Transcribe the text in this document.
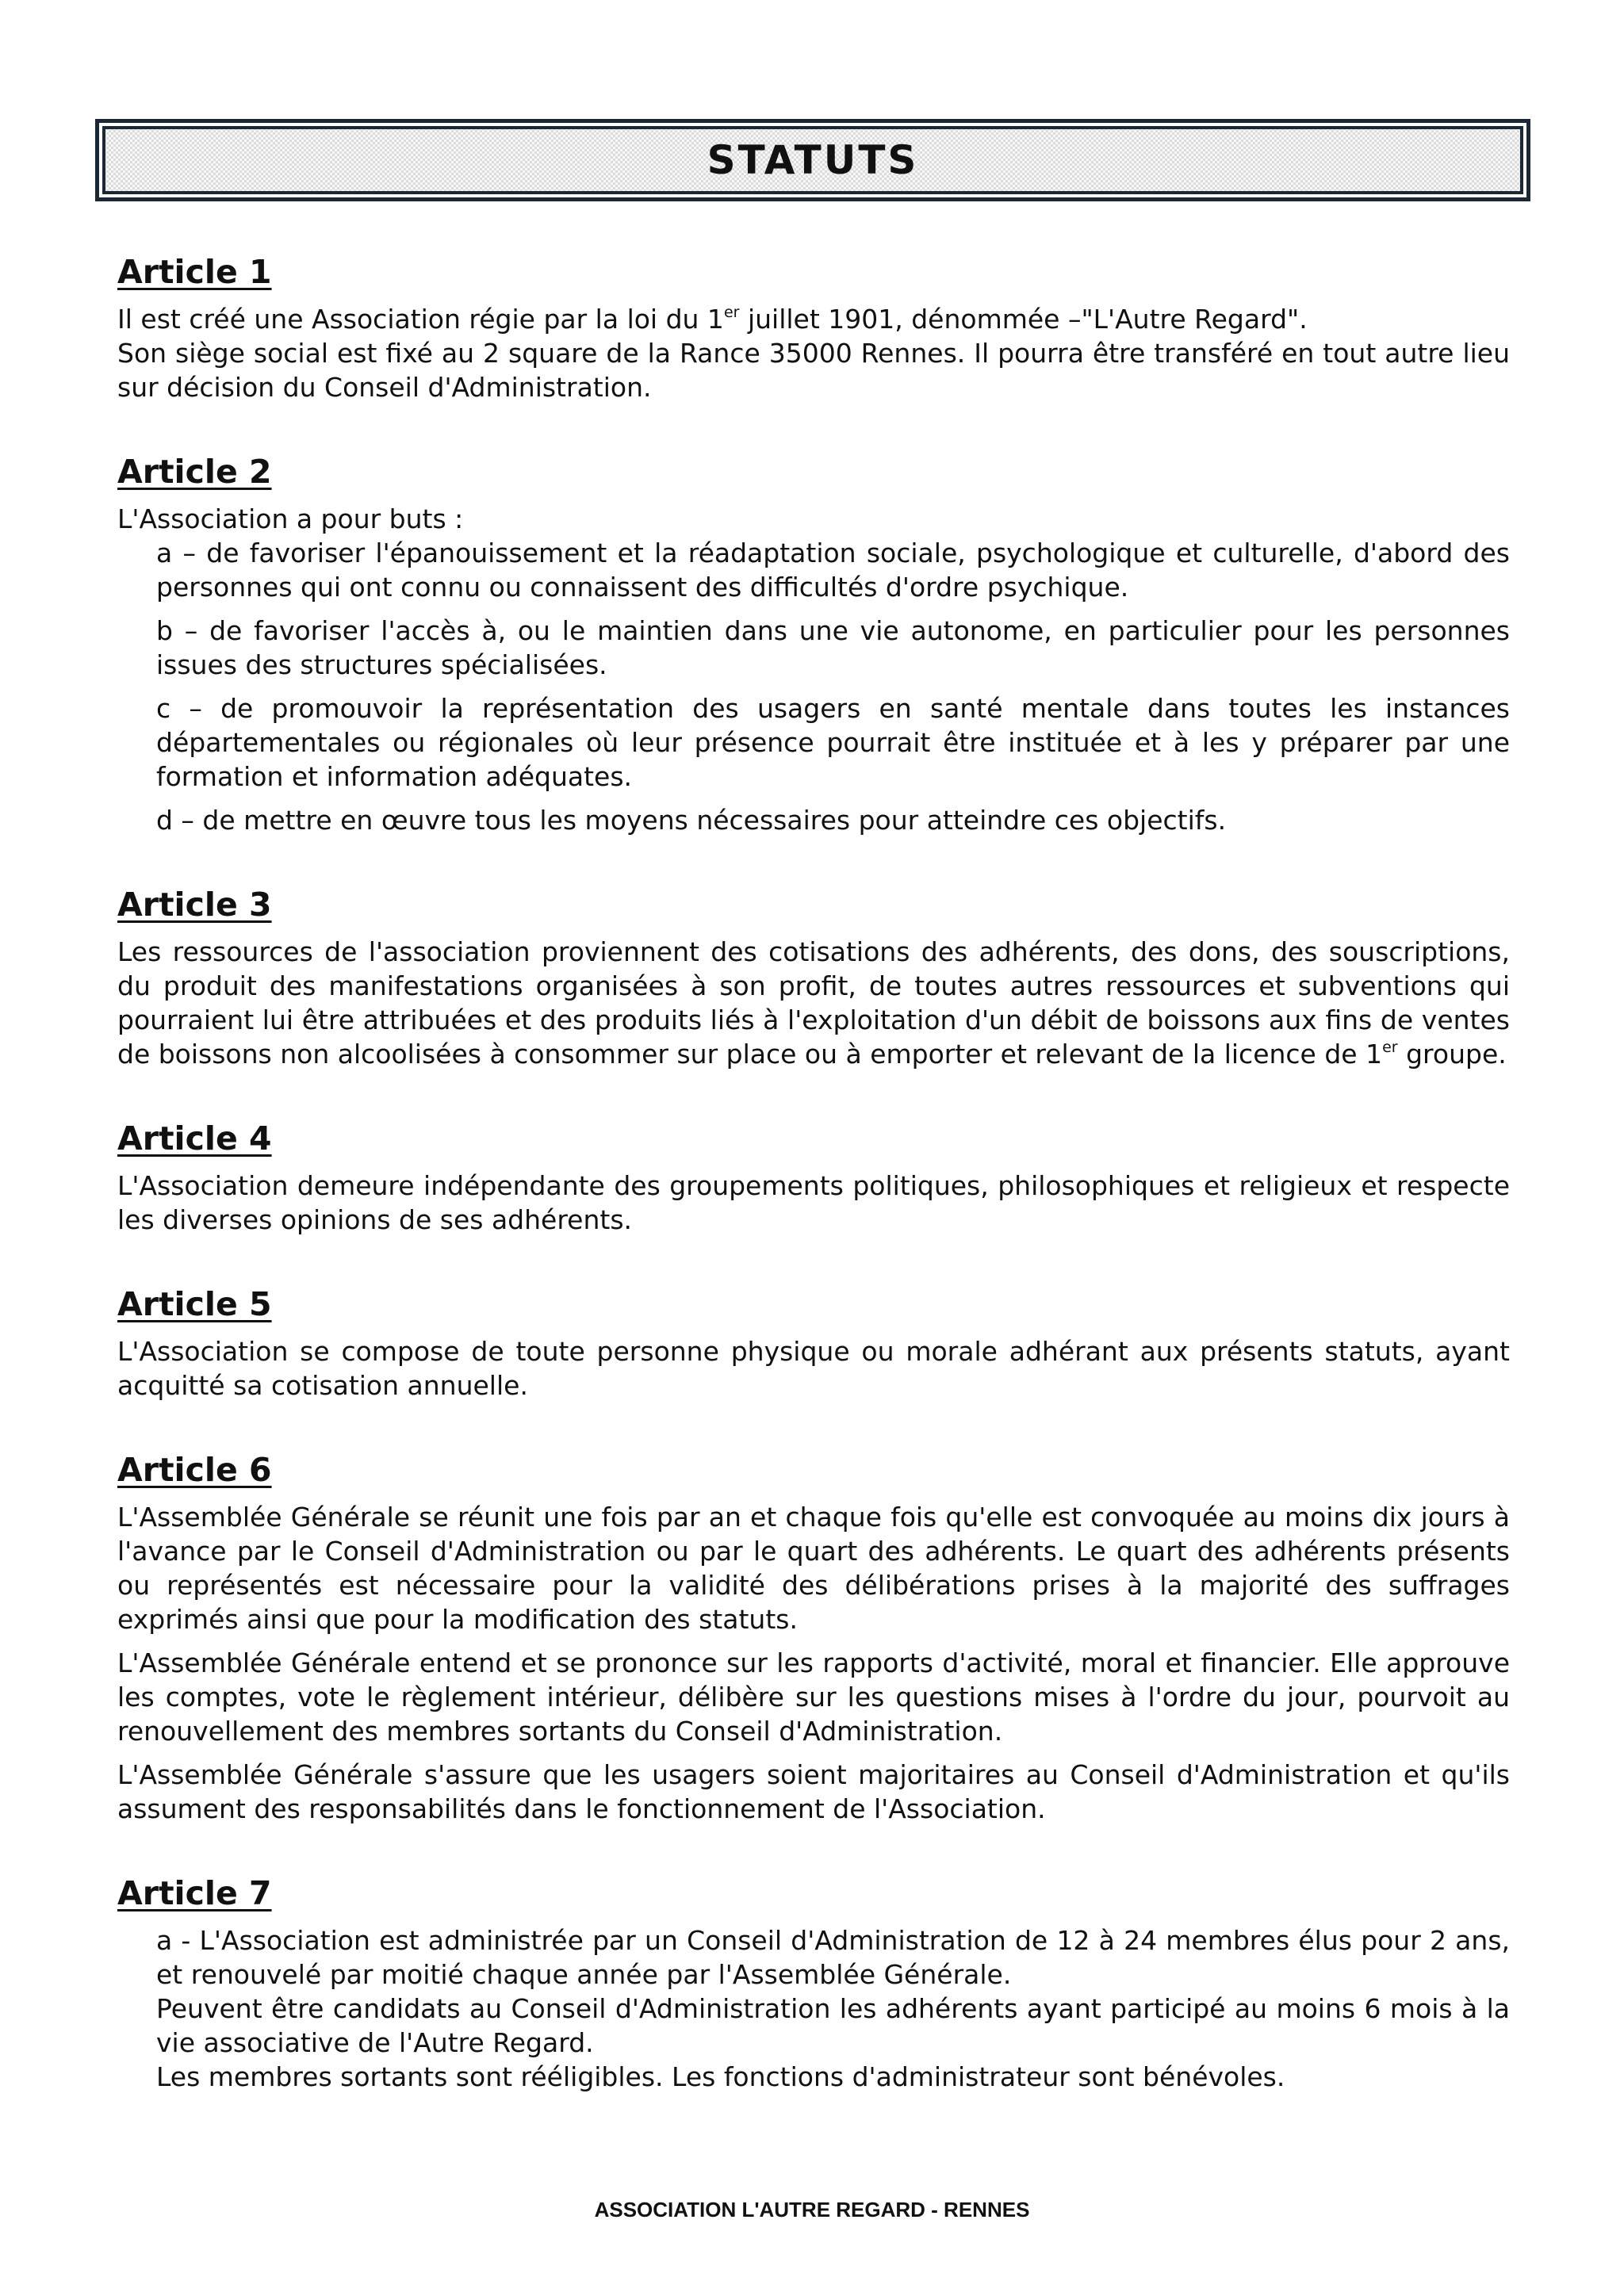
STATUTS
Article 1

Il est créé une Association régie par la loi du 1er juillet 1901, dénommée –"L'Autre Regard".

Son siège social est fixé au 2 square de la Rance 35000 Rennes. Il pourra être transféré en tout autre lieu sur décision du Conseil d'Administration.

Article 2

L'Association a pour buts :

a – de favoriser l'épanouissement et la réadaptation sociale, psychologique et culturelle, d'abord des personnes qui ont connu ou connaissent des difficultés d'ordre psychique.

b – de favoriser l'accès à, ou le maintien dans une vie autonome, en particulier pour les personnes issues des structures spécialisées.

c – de promouvoir la représentation des usagers en santé mentale dans toutes les instances départementales ou régionales où leur présence pourrait être instituée et à les y préparer par une formation et information adéquates.

d – de mettre en œuvre tous les moyens nécessaires pour atteindre ces objectifs.

Article 3

Les ressources de l'association proviennent des cotisations des adhérents, des dons, des souscriptions, du produit des manifestations organisées à son profit, de toutes autres ressources et subventions qui pourraient lui être attribuées et des produits liés à l'exploitation d'un débit de boissons aux fins de ventes de boissons non alcoolisées à consommer sur place ou à emporter et relevant de la licence de 1er groupe.

Article 4

L'Association demeure indépendante des groupements politiques, philosophiques et religieux et respecte les diverses opinions de ses adhérents.

Article 5

L'Association se compose de toute personne physique ou morale adhérant aux présents statuts, ayant acquitté sa cotisation annuelle.

Article 6

L'Assemblée Générale se réunit une fois par an et chaque fois qu'elle est convoquée au moins dix jours à l'avance par le Conseil d'Administration ou par le quart des adhérents. Le quart des adhérents présents ou représentés est nécessaire pour la validité des délibérations prises à la majorité des suffrages exprimés ainsi que pour la modification des statuts.

L'Assemblée Générale entend et se prononce sur les rapports d'activité, moral et financier. Elle approuve les comptes, vote le règlement intérieur, délibère sur les questions mises à l'ordre du jour, pourvoit au renouvellement des membres sortants du Conseil d'Administration.

L'Assemblée Générale s'assure que les usagers soient majoritaires au Conseil d'Administration et qu'ils assument des responsabilités dans le fonctionnement de l'Association.

Article 7

a - L'Association est administrée par un Conseil d'Administration de 12 à 24 membres élus pour 2 ans, et renouvelé par moitié chaque année par l'Assemblée Générale.

Peuvent être candidats au Conseil d'Administration les adhérents ayant participé au moins 6 mois à la vie associative de l'Autre Regard.

Les membres sortants sont rééligibles. Les fonctions d'administrateur sont bénévoles.

ASSOCIATION L'AUTRE REGARD - RENNES
